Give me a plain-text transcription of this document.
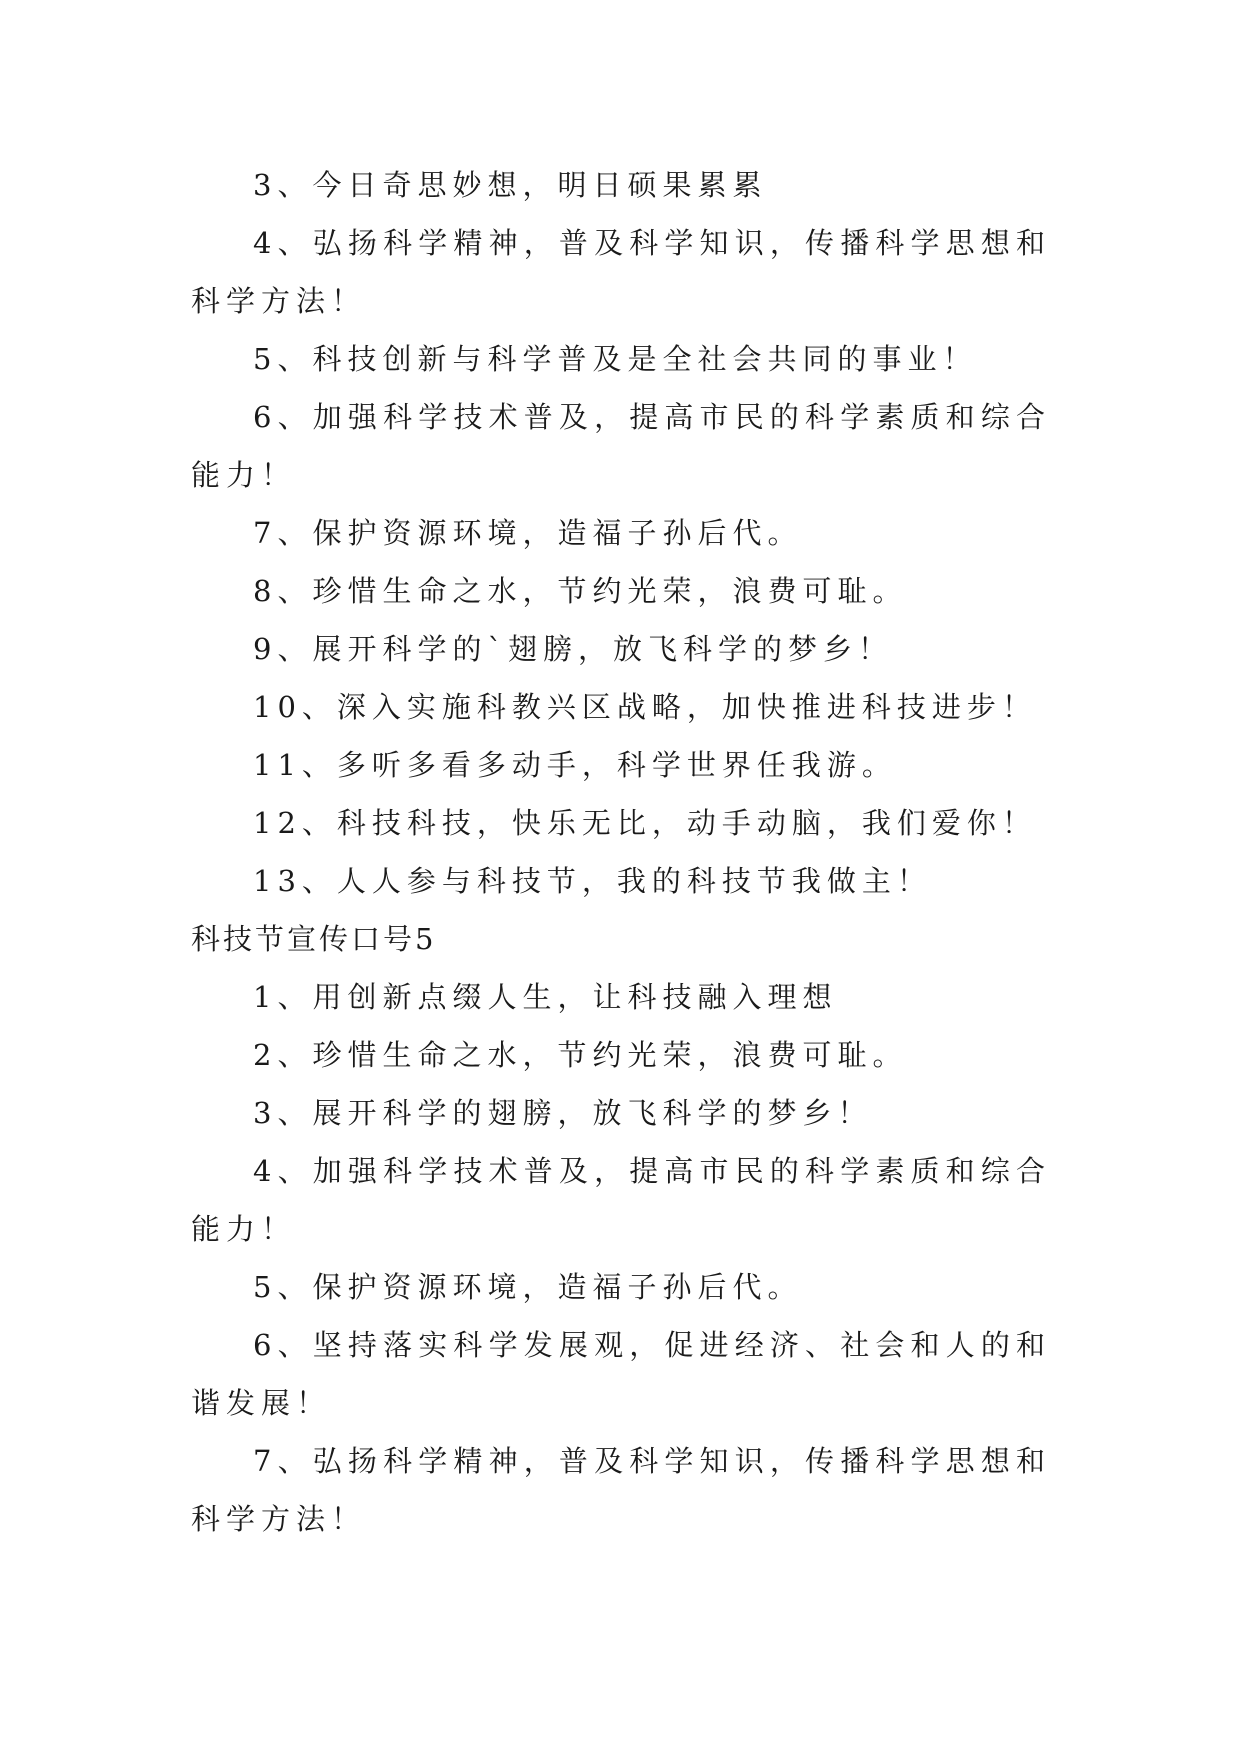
3、今日奇思妙想，明日硕果累累

4、弘扬科学精神，普及科学知识，传播科学思想和科学方法！

5、科技创新与科学普及是全社会共同的事业！

6、加强科学技术普及，提高市民的科学素质和综合能力！

7、保护资源环境，造福子孙后代。

8、珍惜生命之水，节约光荣，浪费可耻。

9、展开科学的`翅膀，放飞科学的梦乡！

10、深入实施科教兴区战略，加快推进科技进步！

11、多听多看多动手，科学世界任我游。

12、科技科技，快乐无比，动手动脑，我们爱你！

13、人人参与科技节，我的科技节我做主！

科技节宣传口号5

1、用创新点缀人生，让科技融入理想

2、珍惜生命之水，节约光荣，浪费可耻。

3、展开科学的翅膀，放飞科学的梦乡！

4、加强科学技术普及，提高市民的科学素质和综合能力！

5、保护资源环境，造福子孙后代。

6、坚持落实科学发展观，促进经济、社会和人的和谐发展！

7、弘扬科学精神，普及科学知识，传播科学思想和科学方法！
